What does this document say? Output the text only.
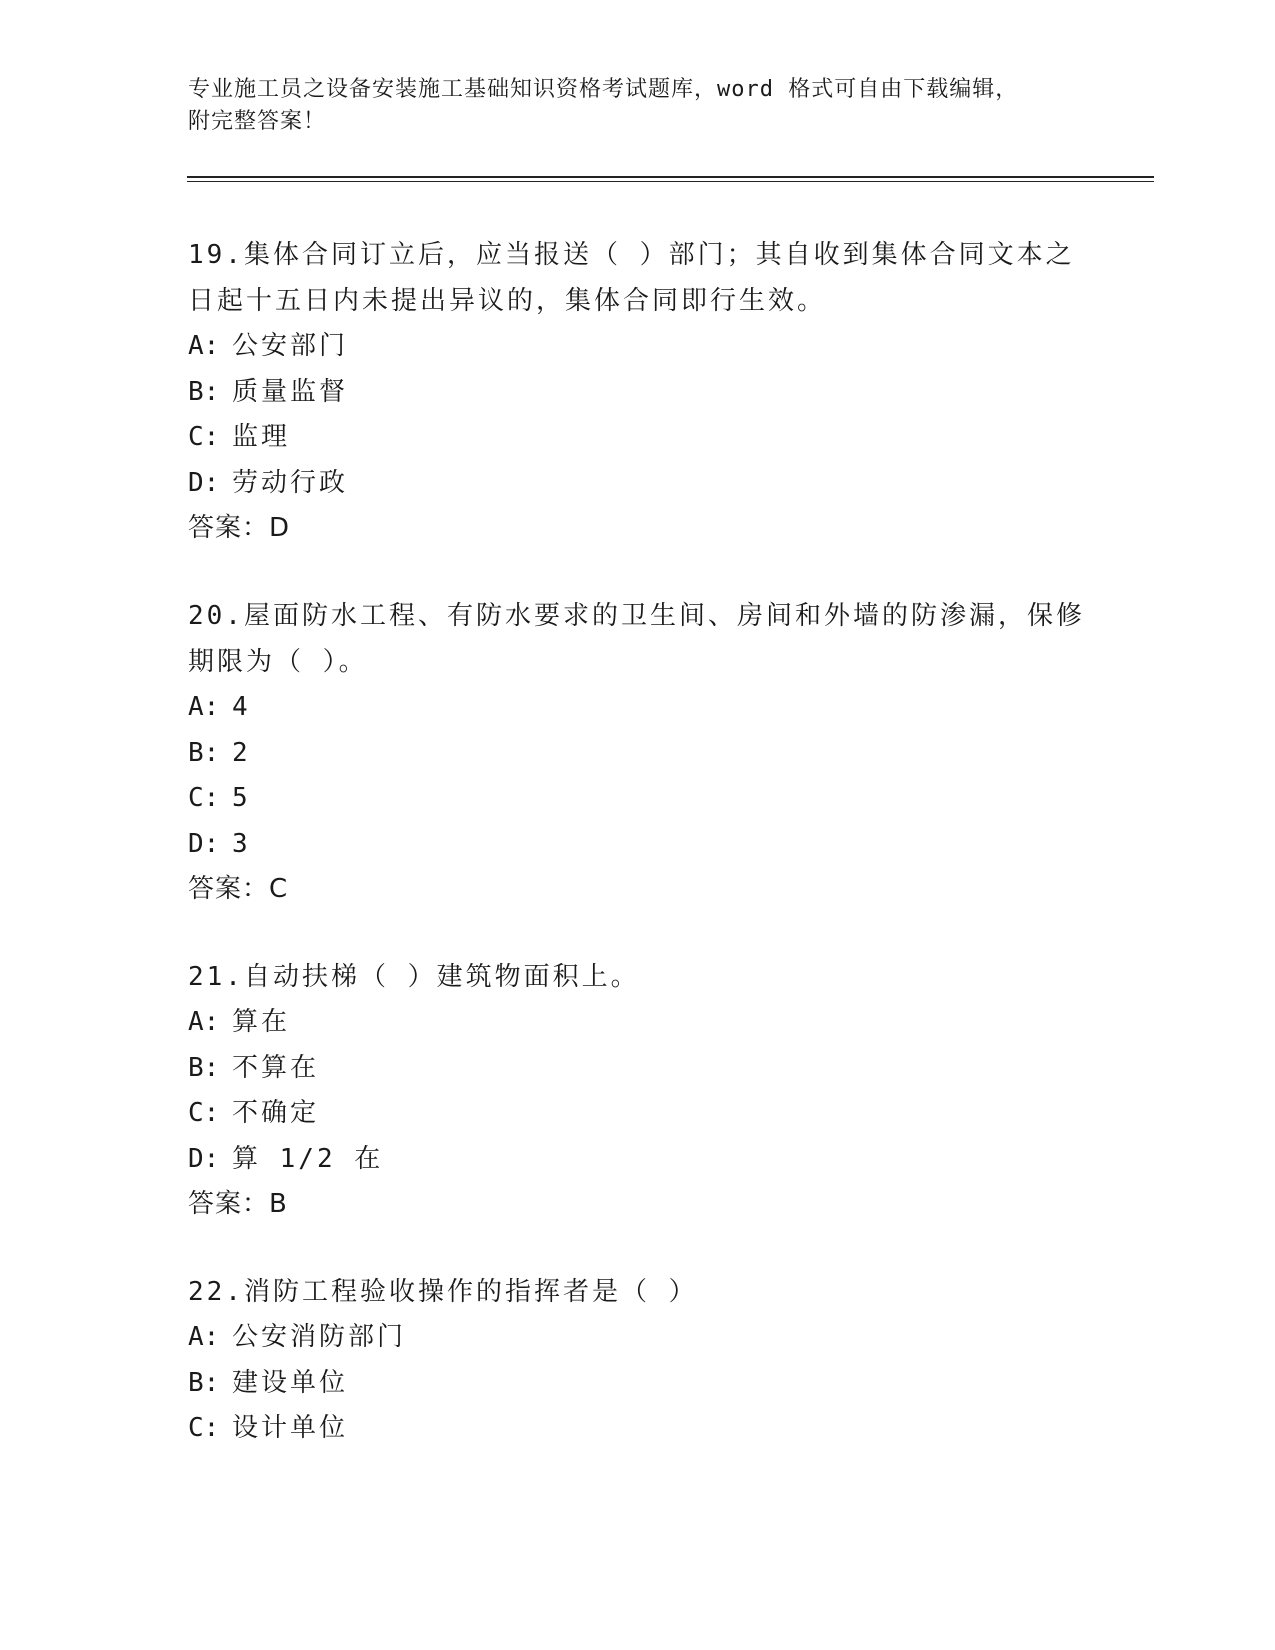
专业施工员之设备安装施工基础知识资格考试题库，word 格式可自由下载编辑，
附完整答案！
19.集体合同订立后，应当报送（ ）部门；其自收到集体合同文本之
日起十五日内未提出异议的，集体合同即行生效。
A: 公安部门
B: 质量监督
C: 监理
D: 劳动行政
答案：D
20.屋面防水工程、有防水要求的卫生间、房间和外墙的防渗漏，保修
期限为（ ）。
A: 4
B: 2
C: 5
D: 3
答案：C
21.自动扶梯（ ）建筑物面积上。
A: 算在
B: 不算在
C: 不确定
D: 算 1/2 在
答案：B
22.消防工程验收操作的指挥者是（ ）
A: 公安消防部门
B: 建设单位
C: 设计单位
